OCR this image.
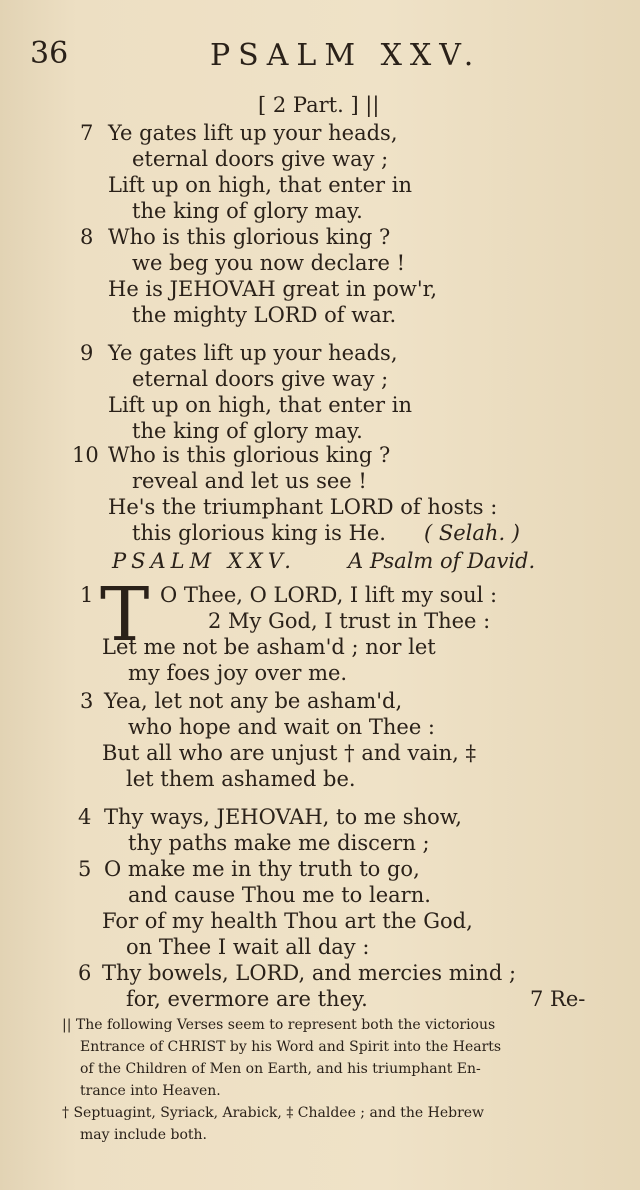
36	PSALM XXV.
[ 2 Part. ] ||
7 Ye gates lift up your heads,
eternal doors give way ;
Lift up on high, that enter in
the king of glory may.
8 Who is this glorious king ?
we beg you now declare !
He is JEHOVAH great in pow'r,
the mighty LORD of war.
9 Ye gates lift up your heads,
eternal doors give way ;
Lift up on high, that enter in
the king of glory may.
10 Who is this glorious king ?
reveal and let us see !
He's the triumphant LORD of hosts :
this glorious king is He. ( Selah. )
PSALM XXV. A Psalm of David.
1 T O Thee, O LORD, I lift my soul :
2 My God, I trust in Thee :
Let me not be asham'd ; nor let
my foes joy over me.
3 Yea, let not any be asham'd,
who hope and wait on Thee :
But all who are unjust † and vain, ‡
let them ashamed be.
4 Thy ways, JEHOVAH, to me show,
thy paths make me discern ;
5 O make me in thy truth to go,
and cause Thou me to learn.
For of my health Thou art the God,
on Thee I wait all day :
6 Thy bowels, LORD, and mercies mind ;
for, evermore are they.	7 Re-
|| The following Verses seem to represent both the victorious
Entrance of CHRIST by his Word and Spirit into the Hearts
of the Children of Men on Earth, and his triumphant En-
trance into Heaven.
† Septuagint, Syriack, Arabick, ‡ Chaldee ; and the Hebrew
may include both.
